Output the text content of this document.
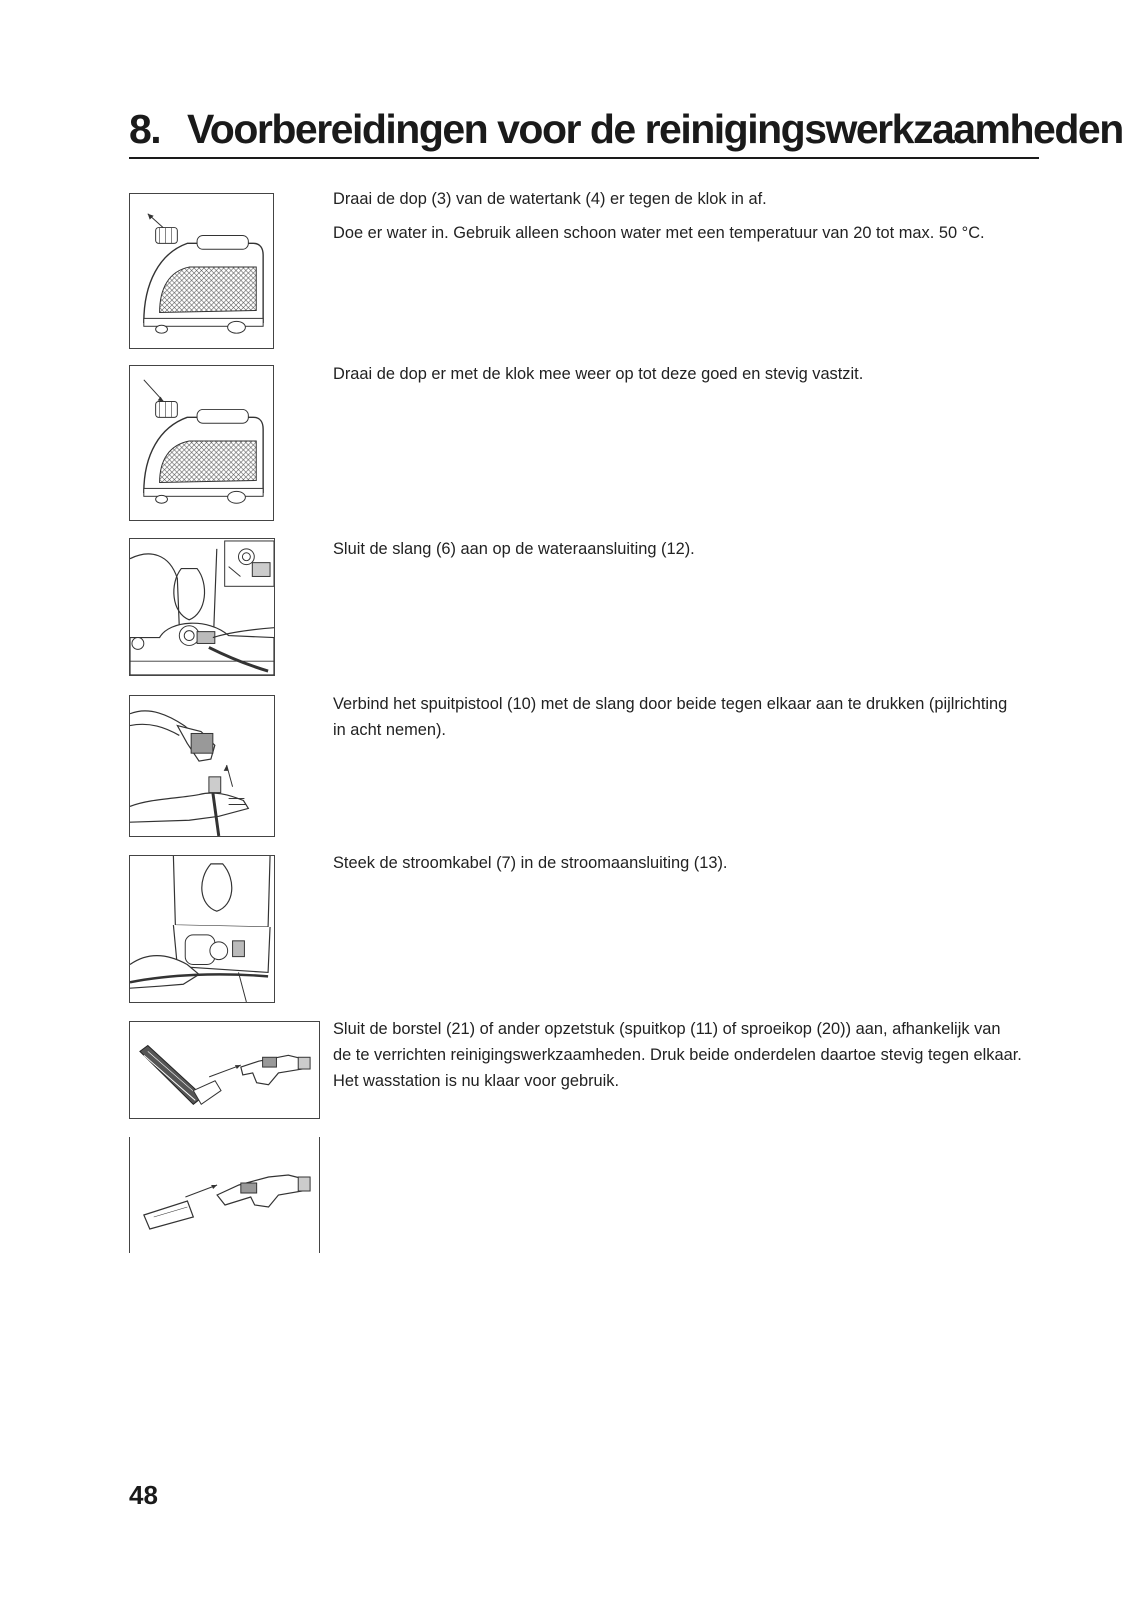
8. Voorbereidingen voor de reinigingswerkzaamheden

Draai de dop (3) van de watertank (4) er tegen de klok in af.

Doe er water in. Gebruik alleen schoon water met een temperatuur van 20 tot max. 50 °C.

Draai de dop er met de klok mee weer op tot deze goed en stevig vastzit.

Sluit de slang (6) aan op de wateraansluiting (12).

Verbind het spuitpistool (10) met de slang door beide tegen elkaar aan te drukken (pijlrichting in acht nemen).

Steek de stroomkabel (7) in de stroomaansluiting (13).

Sluit de borstel (21) of ander opzetstuk (spuitkop (11) of sproeikop (20)) aan, afhankelijk van de te verrichten reinigingswerkzaamheden. Druk beide onderdelen daartoe stevig tegen elkaar. Het wasstation is nu klaar voor gebruik.

48
